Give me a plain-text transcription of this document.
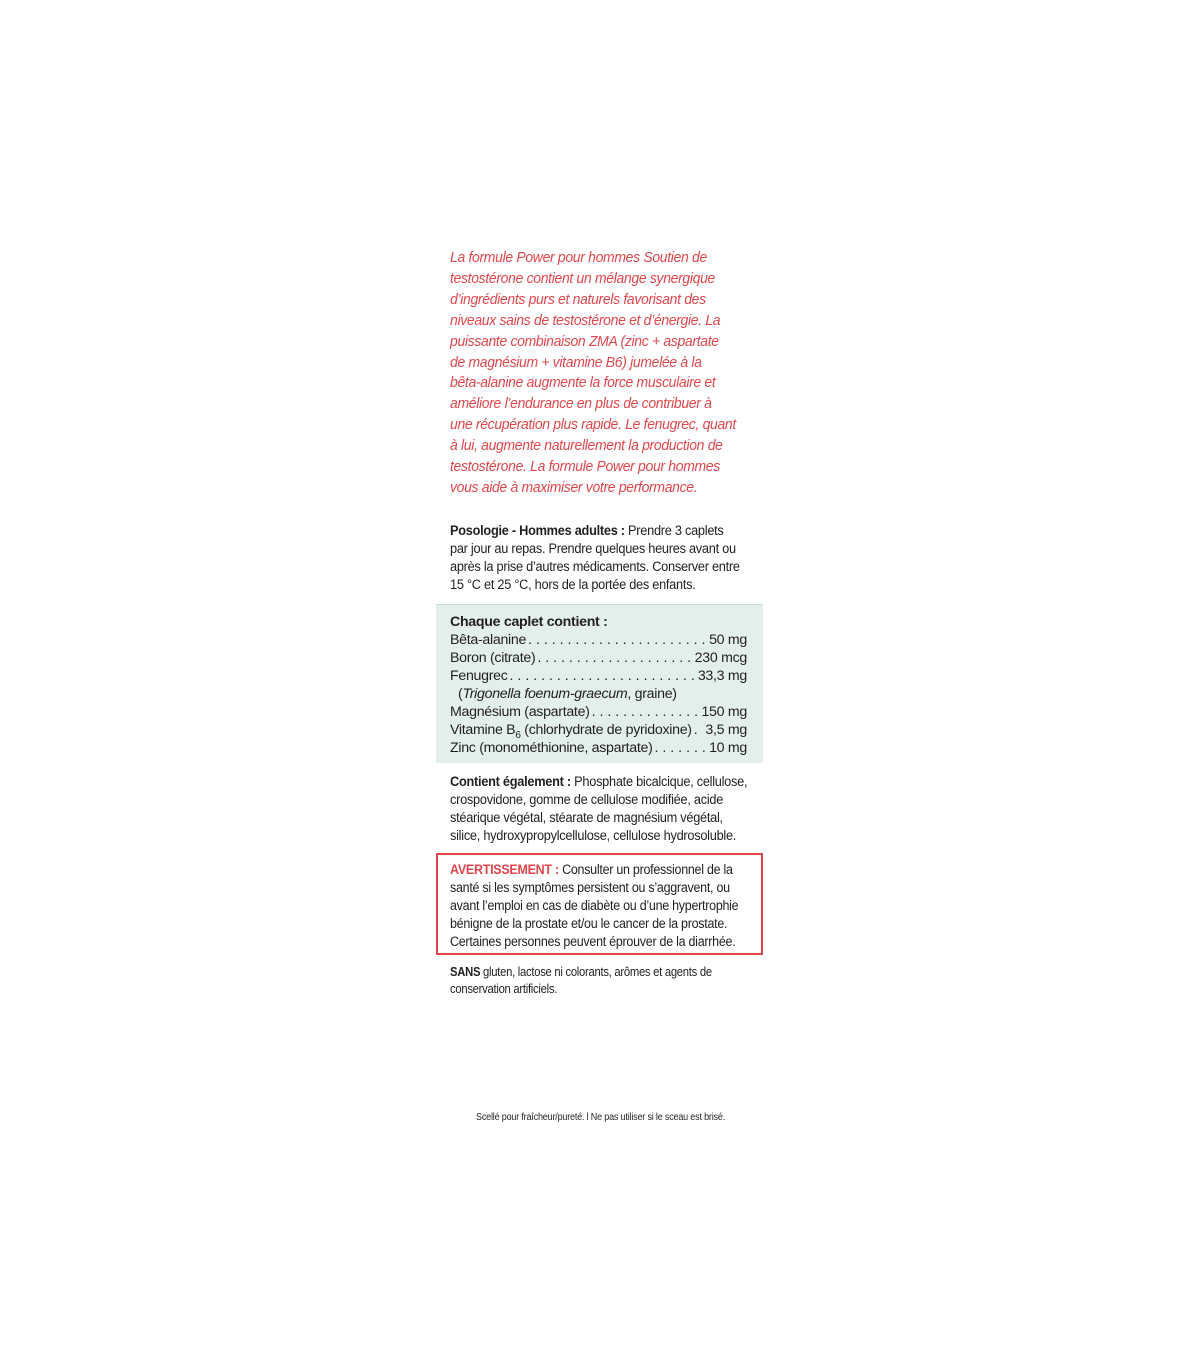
La formule Power pour hommes Soutien de
testostérone contient un mélange synergique
d’ingrédients purs et naturels favorisant des
niveaux sains de testostérone et d’énergie. La
puissante combinaison ZMA (zinc + aspartate
de magnésium + vitamine B6) jumelée à la
bêta-alanine augmente la force musculaire et
améliore l’endurance en plus de contribuer à
une récupération plus rapide. Le fenugrec, quant
à lui, augmente naturellement la production de
testostérone. La formule Power pour hommes
vous aide à maximiser votre performance.
Posologie - Hommes adultes : Prendre 3 caplets
par jour au repas. Prendre quelques heures avant ou
après la prise d’autres médicaments. Conserver entre
15 °C et 25 °C, hors de la portée des enfants.
Chaque caplet contient :
Bêta-alanine . . .	50 mg
Boron (citrate) . . .	230 mcg
Fenugrec . . .	33,3 mg
(Trigonella foenum-graecum, graine)
Magnésium (aspartate) . . .	150 mg
Vitamine $B_6$ (chlorhydrate de pyridoxine) . . . 3,5 mg
Zinc (monométhionine, aspartate) . . .	10 mg
Contient également : Phosphate bicalcique, cellulose,
crospovidone, gomme de cellulose modifiée, acide
stéarique végétal, stéarate de magnésium végétal,
silice, hydroxypropylcellulose, cellulose hydrosoluble.
AVERTISSEMENT : Consulter un professionnel de la
santé si les symptômes persistent ou s’aggravent, ou
avant l’emploi en cas de diabète ou d’une hypertrophie
bénigne de la prostate et/ou le cancer de la prostate.
Certaines personnes peuvent éprouver de la diarrhée.
SANS gluten, lactose ni colorants, arômes et agents de
conservation artificiels.
Scellé pour fraîcheur/pureté. l Ne pas utiliser si le sceau est brisé.
